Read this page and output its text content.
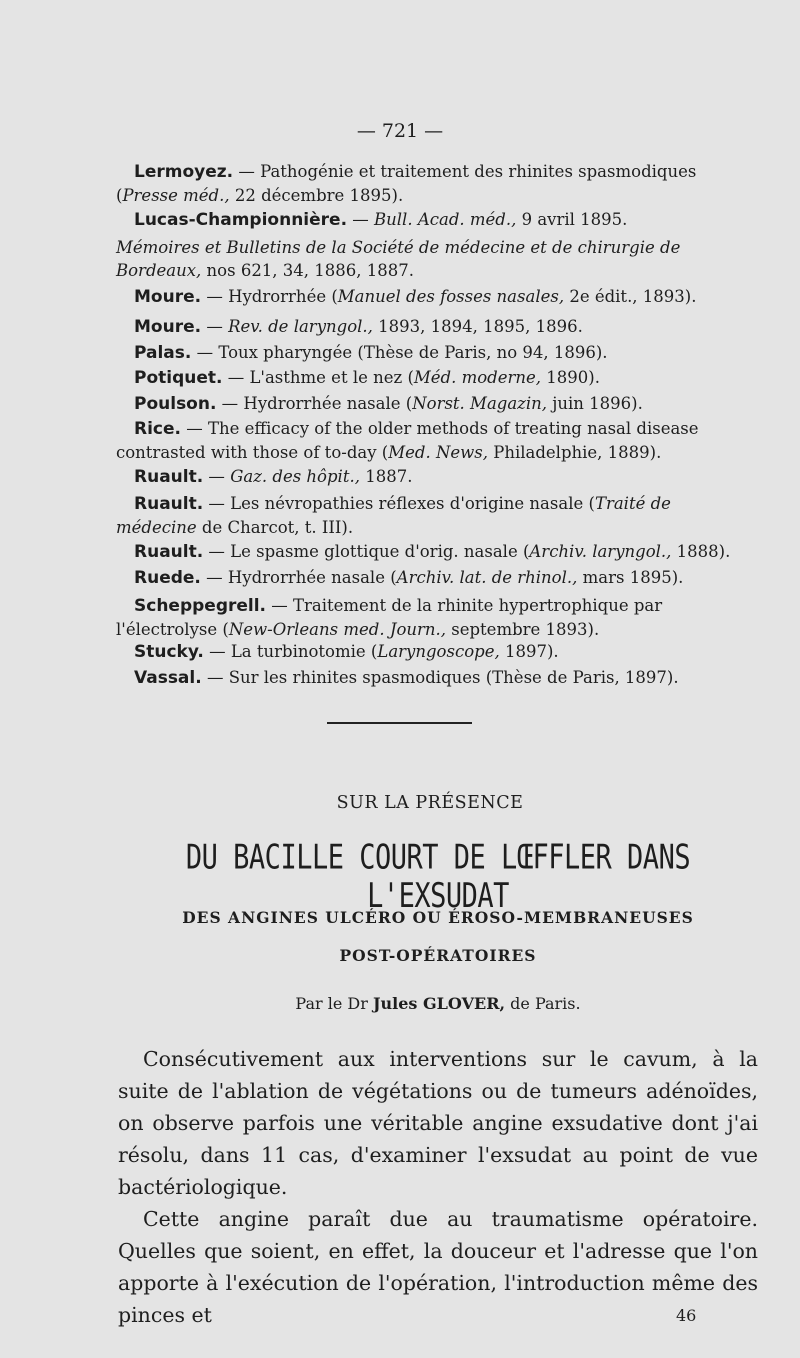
— 721 —
Lermoyez. — Pathogénie et traitement des rhinites spasmodiques (Presse méd., 22 décembre 1895).
Lucas-Championnière. — Bull. Acad. méd., 9 avril 1895.
Mémoires et Bulletins de la Société de médecine et de chirurgie de Bordeaux, nos 621, 34, 1886, 1887.
Moure. — Hydrorrhée (Manuel des fosses nasales, 2e édit., 1893).
Moure. — Rev. de laryngol., 1893, 1894, 1895, 1896.
Palas. — Toux pharyngée (Thèse de Paris, no 94, 1896).
Potiquet. — L'asthme et le nez (Méd. moderne, 1890).
Poulson. — Hydrorrhée nasale (Norst. Magazin, juin 1896).
Rice. — The efficacy of the older methods of treating nasal disease contrasted with those of to-day (Med. News, Philadelphie, 1889).
Ruault. — Gaz. des hôpit., 1887.
Ruault. — Les névropathies réflexes d'origine nasale (Traité de médecine de Charcot, t. III).
Ruault. — Le spasme glottique d'orig. nasale (Archiv. laryngol., 1888).
Ruede. — Hydrorrhée nasale (Archiv. lat. de rhinol., mars 1895).
Scheppegrell. — Traitement de la rhinite hypertrophique par l'électrolyse (New-Orleans med. Journ., septembre 1893).
Stucky. — La turbinotomie (Laryngoscope, 1897).
Vassal. — Sur les rhinites spasmodiques (Thèse de Paris, 1897).
SUR LA PRÉSENCE
DU BACILLE COURT DE LŒFFLER DANS L'EXSUDAT
DES ANGINES ULCÉRO OU ÉROSO-MEMBRANEUSES
POST-OPÉRATOIRES
Par le Dr Jules GLOVER, de Paris.

Consécutivement aux interventions sur le cavum, à la suite de l'ablation de végétations ou de tumeurs adénoïdes, on observe parfois une véritable angine exsudative dont j'ai résolu, dans 11 cas, d'examiner l'exsudat au point de vue bactériologique.

Cette angine paraît due au traumatisme opératoire. Quelles que soient, en effet, la douceur et l'adresse que l'on apporte à l'exécution de l'opération, l'introduction même des pinces et	46
